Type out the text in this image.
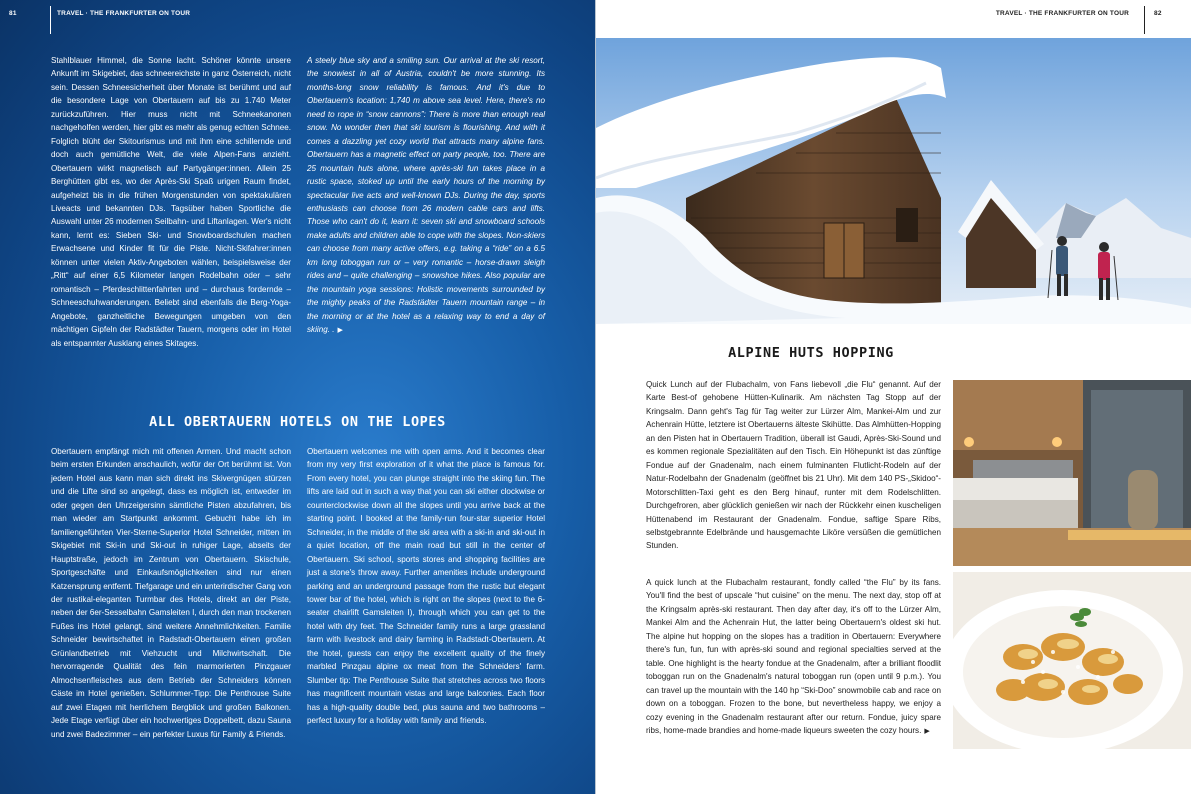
81	TRAVEL · THE FRANKFURTER ON TOUR

Stahlblauer Himmel, die Sonne lacht. Schöner könnte unsere Ankunft im Skigebiet, das schneereichste in ganz Österreich, nicht sein. Dessen Schneesicherheit über Monate ist berühmt und auf die besondere Lage von Obertauern auf bis zu 1.740 Meter zurückzuführen. Hier muss nicht mit Schneekanonen nachgeholfen werden, hier gibt es mehr als genug echten Schnee. Folglich blüht der Skitourismus und mit ihm eine schillernde und doch auch gemütliche Welt, die viele Alpen-Fans anzieht. Obertauern wirkt magnetisch auf Partygänger:innen. Allein 25 Berghütten gibt es, wo der Après-Ski Spaß urigen Raum findet, aufgeheizt bis in die frühen Morgenstunden von spektakulären Liveacts und bekannten DJs. Tagsüber haben Sportliche die Auswahl unter 26 modernen Seilbahn- und Liftanlagen. Wer's nicht kann, lernt es: Sieben Ski- und Snowboardschulen machen Erwachsene und Kinder fit für die Piste. Nicht-Skifahrer:innen können unter vielen Aktiv-Angeboten wählen, beispielsweise der „Ritt“ auf einer 6,5 Kilometer langen Rodelbahn oder – sehr romantisch – Pferdeschlittenfahrten und – durchaus fordernde – Schneeschuhwanderungen. Beliebt sind ebenfalls die Berg-Yoga-Angebote, ganzheitliche Bewegungen umgeben von den mächtigen Gipfeln der Radstädter Tauern, morgens oder im Hotel als entspannter Ausklang eines Skitages.

A steely blue sky and a smiling sun. Our arrival at the ski resort, the snowiest in all of Austria, couldn't be more stunning. Its months-long snow reliability is famous. And it's due to Obertauern's location: 1,740 m above sea level. Here, there's no need to rope in “snow cannons”: There is more than enough real snow. No wonder then that ski tourism is flourishing. And with it comes a dazzling yet cozy world that attracts many alpine fans. Obertauern has a magnetic effect on party people, too. There are 25 mountain huts alone, where après-ski fun takes place in a rustic space, stoked up until the early hours of the morning by spectacular live acts and well-known DJs. During the day, sports enthusiasts can choose from 26 modern cable cars and lifts. Those who can't do it, learn it: seven ski and snowboard schools make adults and children able to cope with the slopes. Non-skiers can choose from many active offers, e.g. taking a “ride” on a 6.5 km long toboggan run or – very romantic – horse-drawn sleigh rides and – quite challenging – snowshoe hikes. Also popular are the mountain yoga sessions: Holistic movements surrounded by the mighty peaks of the Radstädter Tauern mountain range – in the morning or at the hotel as a relaxing way to end a day of skiing. . ▶

ALL OBERTAUERN HOTELS ON THE LOPES

Obertauern empfängt mich mit offenen Armen. Und macht schon beim ersten Erkunden anschaulich, wofür der Ort berühmt ist. Von jedem Hotel aus kann man sich direkt ins Skivergnügen stürzen und die Lifte sind so angelegt, dass es möglich ist, entweder im oder gegen den Uhrzeigersinn sämtliche Pisten abzufahren, bis man wieder am Startpunkt ankommt. Gebucht habe ich im familiengeführten Vier-Sterne-Superior Hotel Schneider, mitten im Skigebiet mit Ski-in und Ski-out in ruhiger Lage, abseits der Hauptstraße, jedoch im Zentrum von Obertauern. Skischule, Sportgeschäfte und Einkaufsmöglichkeiten sind nur einen Katzensprung entfernt. Tiefgarage und ein unterirdischer Gang von der rustikal-eleganten Turmbar des Hotels, direkt an der Piste, neben der 6er-Sesselbahn Gamsleiten I, durch den man trockenen Fußes ins Hotel gelangt, sind weitere Annehmlichkeiten. Familie Schneider bewirtschaftet in Radstadt-Obertauern einen großen Grünlandbetrieb mit Viehzucht und Milchwirtschaft. Die hervorragende Qualität des fein marmorierten Pinzgauer Almochsenfleisches aus dem Betrieb der Schneiders können Gäste im Hotel genießen. Schlummer-Tipp: Die Penthouse Suite auf zwei Etagen mit herrlichem Bergblick und großen Balkonen. Jede Etage verfügt über ein hochwertiges Doppelbett, dazu Sauna und zwei Badezimmer – ein perfekter Luxus für Family & Friends.

Obertauern welcomes me with open arms. And it becomes clear from my very first exploration of it what the place is famous for. From every hotel, you can plunge straight into the skiing fun. The lifts are laid out in such a way that you can ski either clockwise or counterclockwise down all the slopes until you arrive back at the starting point. I booked at the family-run four-star superior Hotel Schneider, in the middle of the ski area with a ski-in and ski-out in a quiet location, off the main road but still in the center of Obertauern. Ski school, sports stores and shopping facilities are just a stone's throw away. Further amenities include underground parking and an underground passage from the rustic but elegant tower bar of the hotel, which is right on the slopes (next to the 6-seater chairlift Gamsleiten I), through which you can get to the hotel with dry feet. The Schneider family runs a large grassland farm with livestock and dairy farming in Radstadt-Obertauern. At the hotel, guests can enjoy the excellent quality of the finely marbled Pinzgau alpine ox meat from the Schneiders' farm. Slumber tip: The Penthouse Suite that stretches across two floors has magnificent mountain vistas and large balconies. Each floor has a high-quality double bed, plus sauna and two bathrooms – perfect luxury for a holiday with family and friends.

TRAVEL · THE FRANKFURTER ON TOUR	82
ALPINE HUTS HOPPING

Quick Lunch auf der Flubachalm, von Fans liebevoll „die Flu“ genannt. Auf der Karte Best-of gehobene Hütten-Kulinarik. Am nächsten Tag Stopp auf der Kringsalm. Dann geht's Tag für Tag weiter zur Lürzer Alm, Mankei-Alm und zur Achenrain Hütte, letztere ist Obertauerns älteste Skihütte. Das Almhütten-Hopping an den Pisten hat in Obertauern Tradition, überall ist Gaudi, Après-Ski-Sound und es kommen regionale Spezialitäten auf den Tisch. Ein Höhepunkt ist das zünftige Fondue auf der Gnadenalm, nach einem fulminanten Flutlicht-Rodeln auf der Natur-Rodelbahn der Gnadenalm (geöffnet bis 21 Uhr). Mit dem 140 PS-„Skidoo“-Motorschlitten-Taxi geht es den Berg hinauf, runter mit dem Rodelschlitten. Durchgefroren, aber glücklich genießen wir nach der Rückkehr einen kuscheligen Hüttenabend im Restaurant der Gnadenalm. Fondue, saftige Spare Ribs, selbstgebrannte Edelbrände und hausgemachte Liköre versüßen die gemütlichen Stunden.

A quick lunch at the Flubachalm restaurant, fondly called “the Flu” by its fans. You'll find the best of upscale “hut cuisine” on the menu. The next day, stop off at the Kringsalm après-ski restaurant. Then day after day, it's off to the Lürzer Alm, Mankei Alm and the Achenrain Hut, the latter being Obertauern's oldest ski hut. The alpine hut hopping on the slopes has a tradition in Obertauern: Everywhere there's fun, fun, fun with après-ski sound and regional specialties served at the table. One highlight is the hearty fondue at the Gnadenalm, after a brilliant floodlit toboggan run on the Gnadenalm's natural toboggan run (open until 9 p.m.). You can travel up the mountain with the 140 hp “Ski-Doo” snowmobile cab and race on down on a toboggan. Frozen to the bone, but nevertheless happy, we enjoy a cozy evening in the Gnadenalm restaurant after our return. Fondue, juicy spare ribs, home-made brandies and home-made liqueurs sweeten the cozy hours. ▶
